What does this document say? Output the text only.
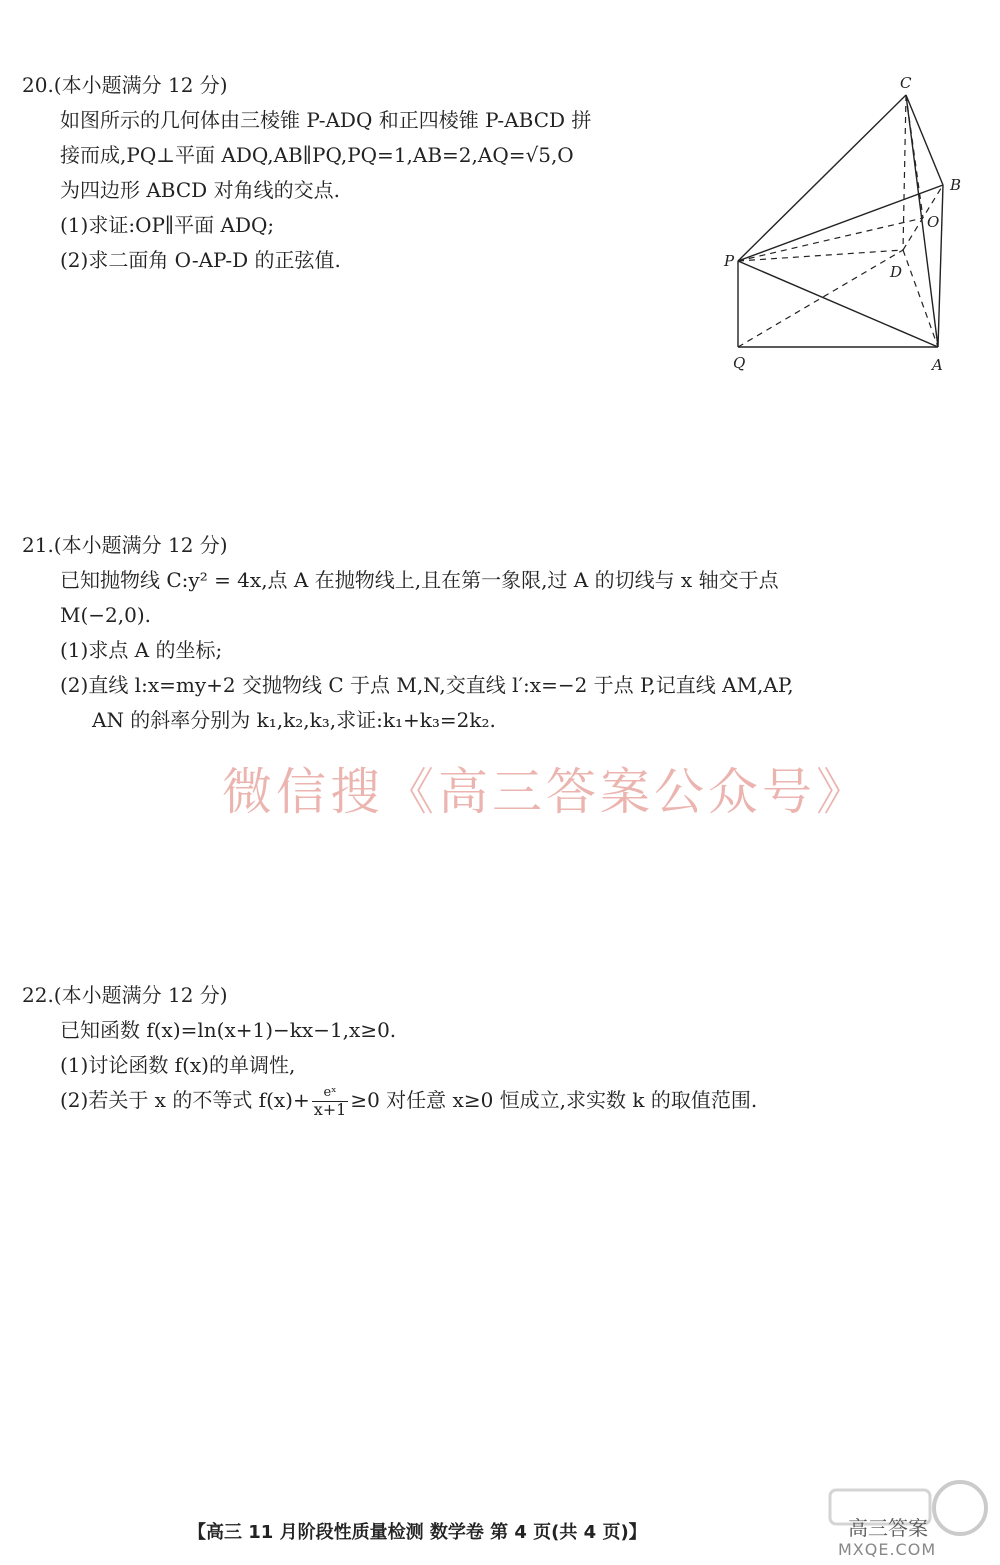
20.(本小题满分 12 分)
如图所示的几何体由三棱锥 P-ADQ 和正四棱锥 P-ABCD 拼
接而成,PQ⊥平面 ADQ,AB∥PQ,PQ=1,AB=2,AQ=√5,O
为四边形 ABCD 对角线的交点.
(1)求证:OP∥平面 ADQ;
(2)求二面角 O-AP-D 的正弦值.
C
B
O
P
D
Q	A
21.(本小题满分 12 分)
已知抛物线 C:y² = 4x,点 A 在抛物线上,且在第一象限,过 A 的切线与 x 轴交于点
M(−2,0).
(1)求点 A 的坐标;
(2)直线 l:x=my+2 交抛物线 C 于点 M,N,交直线 l′:x=−2 于点 P,记直线 AM,AP,
AN 的斜率分别为 k₁,k₂,k₃,求证:k₁+k₃=2k₂.
微信搜《高三答案公众号》
22.(本小题满分 12 分)
已知函数 f(x)=ln(x+1)−kx−1,x≥0.
(1)讨论函数 f(x)的单调性,
(2)若关于 x 的不等式 $f(x)+ \frac{\text{eˣ}}{x+1} \ge 0$ 对任意 x≥0 恒成立,求实数 k 的取值范围.
高三答案
MXQE.COM
【高三 11 月阶段性质量检测 数学卷 第 4 页(共 4 页)】
